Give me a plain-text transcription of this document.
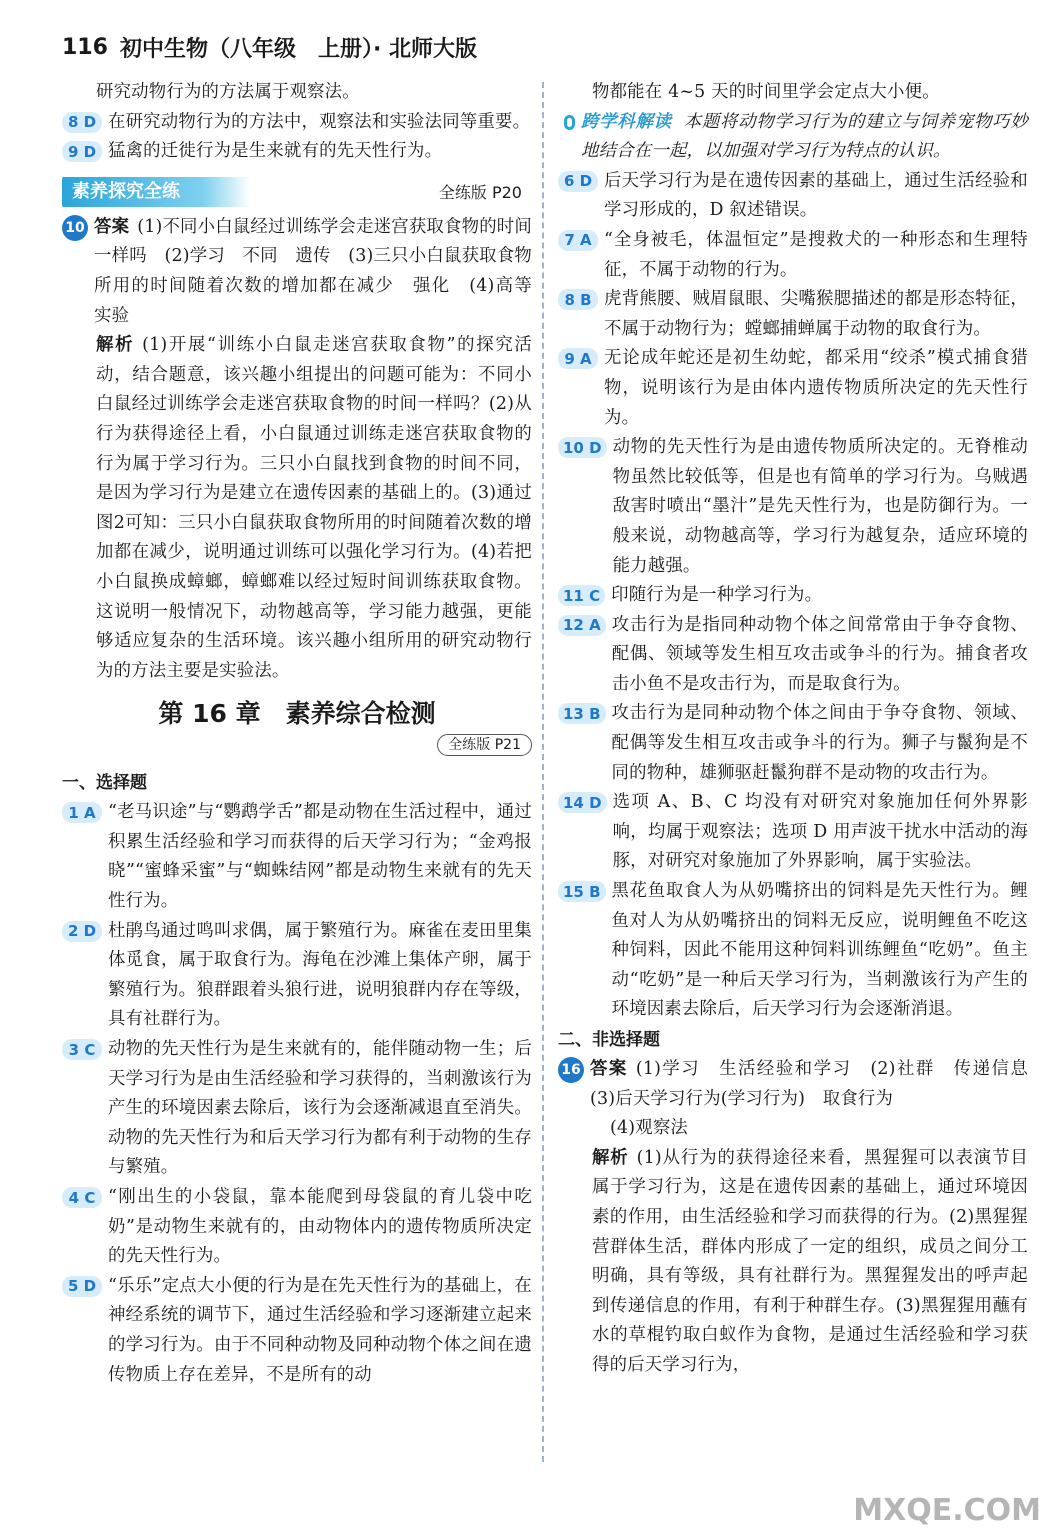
116 初中生物（八年级　上册）· 北师大版

研究动物行为的方法属于观察法。

8 D 在研究动物行为的方法中，观察法和实验法同等重要。

9 D 猛禽的迁徙行为是生来就有的先天性行为。

素养探究全练	全练版 P20
10 答案 (1)不同小白鼠经过训练学会走迷宫获取食物的时间一样吗　(2)学习　不同　遗传　(3)三只小白鼠获取食物所用的时间随着次数的增加都在减少　强化　(4)高等　实验

解析 (1)开展“训练小白鼠走迷宫获取食物”的探究活动，结合题意，该兴趣小组提出的问题可能为：不同小白鼠经过训练学会走迷宫获取食物的时间一样吗？(2)从行为获得途径上看，小白鼠通过训练走迷宫获取食物的行为属于学习行为。三只小白鼠找到食物的时间不同，是因为学习行为是建立在遗传因素的基础上的。(3)通过图2可知：三只小白鼠获取食物所用的时间随着次数的增加都在减少，说明通过训练可以强化学习行为。(4)若把小白鼠换成蟑螂，蟑螂难以经过短时间训练获取食物。这说明一般情况下，动物越高等，学习能力越强，更能够适应复杂的生活环境。该兴趣小组所用的研究动物行为的方法主要是实验法。

第 16 章　素养综合检测
全练版 P21
一、选择题
1 A “老马识途”与“鹦鹉学舌”都是动物在生活过程中，通过积累生活经验和学习而获得的后天学习行为；“金鸡报晓”“蜜蜂采蜜”与“蜘蛛结网”都是动物生来就有的先天性行为。

2 D 杜鹃鸟通过鸣叫求偶，属于繁殖行为。麻雀在麦田里集体觅食，属于取食行为。海龟在沙滩上集体产卵，属于繁殖行为。狼群跟着头狼行进，说明狼群内存在等级，具有社群行为。

3 C 动物的先天性行为是生来就有的，能伴随动物一生；后天学习行为是由生活经验和学习获得的，当刺激该行为产生的环境因素去除后，该行为会逐渐减退直至消失。动物的先天性行为和后天学习行为都有利于动物的生存与繁殖。

4 C “刚出生的小袋鼠，靠本能爬到母袋鼠的育儿袋中吃奶”是动物生来就有的，由动物体内的遗传物质所决定的先天性行为。

5 D “乐乐”定点大小便的行为是在先天性行为的基础上，在神经系统的调节下，通过生活经验和学习逐渐建立起来的学习行为。由于不同种动物及同种动物个体之间在遗传物质上存在差异，不是所有的动

物都能在 4~5 天的时间里学会定点大小便。

跨学科解读 本题将动物学习行为的建立与饲养宠物巧妙地结合在一起，以加强对学习行为特点的认识。

6 D 后天学习行为是在遗传因素的基础上，通过生活经验和学习形成的，D 叙述错误。

7 A “全身被毛，体温恒定”是搜救犬的一种形态和生理特征，不属于动物的行为。

8 B 虎背熊腰、贼眉鼠眼、尖嘴猴腮描述的都是形态特征，不属于动物行为；螳螂捕蝉属于动物的取食行为。

9 A 无论成年蛇还是初生幼蛇，都采用“绞杀”模式捕食猎物，说明该行为是由体内遗传物质所决定的先天性行为。

10 D 动物的先天性行为是由遗传物质所决定的。无脊椎动物虽然比较低等，但是也有简单的学习行为。乌贼遇敌害时喷出“墨汁”是先天性行为，也是防御行为。一般来说，动物越高等，学习行为越复杂，适应环境的能力越强。

11 C 印随行为是一种学习行为。

12 A 攻击行为是指同种动物个体之间常常由于争夺食物、配偶、领域等发生相互攻击或争斗的行为。捕食者攻击小鱼不是攻击行为，而是取食行为。

13 B 攻击行为是同种动物个体之间由于争夺食物、领域、配偶等发生相互攻击或争斗的行为。狮子与鬣狗是不同的物种，雄狮驱赶鬣狗群不是动物的攻击行为。

14 D 选项 A、B、C 均没有对研究对象施加任何外界影响，均属于观察法；选项 D 用声波干扰水中活动的海豚，对研究对象施加了外界影响，属于实验法。

15 B 黑花鱼取食人为从奶嘴挤出的饲料是先天性行为。鲤鱼对人为从奶嘴挤出的饲料无反应，说明鲤鱼不吃这种饲料，因此不能用这种饲料训练鲤鱼“吃奶”。鱼主动“吃奶”是一种后天学习行为，当刺激该行为产生的环境因素去除后，后天学习行为会逐渐消退。

二、非选择题
16 答案 (1)学习　生活经验和学习　(2)社群　传递信息　(3)后天学习行为(学习行为)　取食行为

(4)观察法

解析 (1)从行为的获得途径来看，黑猩猩可以表演节目属于学习行为，这是在遗传因素的基础上，通过环境因素的作用，由生活经验和学习而获得的行为。(2)黑猩猩营群体生活，群体内形成了一定的组织，成员之间分工明确，具有等级，具有社群行为。黑猩猩发出的呼声起到传递信息的作用，有利于种群生存。(3)黑猩猩用蘸有水的草棍钓取白蚁作为食物，是通过生活经验和学习获得的后天学习行为，

MXQE.COM
